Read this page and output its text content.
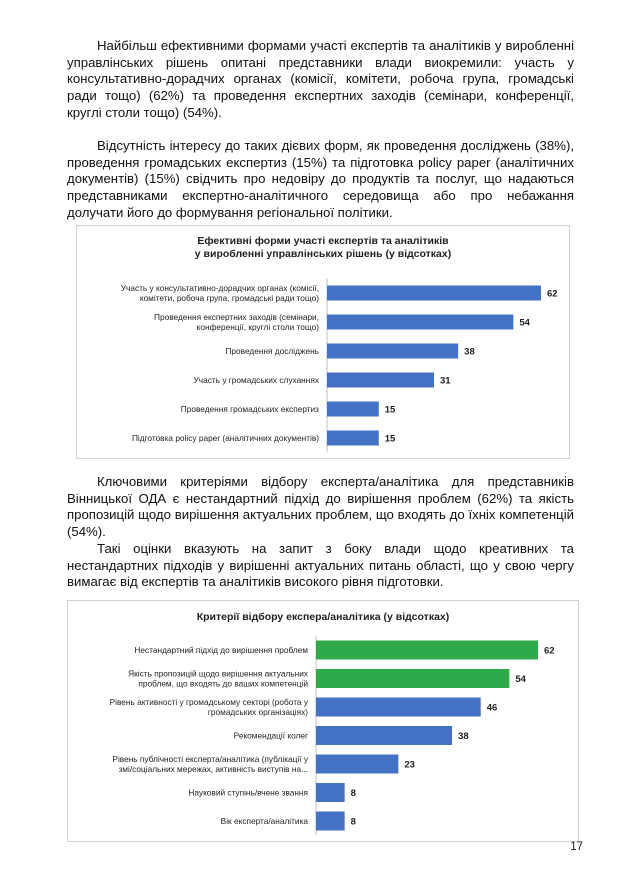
Найбільш ефективними формами участі експертів та аналітиків у виробленні управлінських рішень опитані представники влади виокремили: участь у консультативно-дорадчих органах (комісії, комітети, робоча група, громадські ради тощо) (62%) та проведення експертних заходів (семінари, конференції, круглі столи тощо) (54%).

Відсутність інтересу до таких дієвих форм, як проведення досліджень (38%), проведення громадських експертиз (15%) та підготовка policy paper (аналітичних документів) (15%) свідчить про недовіру до продуктів та послуг, що надаються представниками експертно-аналітичного середовища або про небажання долучати його до формування регіональної політики.

Ефективні форми участі експертів та аналітиків
у виробленні управлінських рішень (у відсотках)
62
Участь у консультативно-дорадчих органах (комісії,
комітети, робоча група, громадські ради тощо)
54
Проведення експертних заходів (семінари,
конференції, круглі столи тощо)
38
Проведення досліджень
31
Участь у громадських слуханнях
15
Проведення громадських експертиз
15
Підготовка policy paper (аналітичних документів)

Ключовими критеріями відбору експерта/аналітика для представників Вінницької ОДА є нестандартний підхід до вирішення проблем (62%) та якість пропозицій щодо вирішення актуальних проблем, що входять до їхніх компетенцій (54%).

Такі оцінки вказують на запит з боку влади щодо креативних та нестандартних підходів у вирішенні актуальних питань області, що у свою чергу вимагає від експертів та аналітиків високого рівня підготовки.

Критерії відбору експера/аналітика (у відсотках)
62
Нестандартний підхід до вирішення проблем
54
Якість пропозицій щодо вирішення актуальних
проблем, що входять до ваших компетенцій
46
Рівень активності у громадському секторі (робота у
громадських організаціях)
38
Рекомендації колег
23
Рівень публічності експерта/аналітика (публікації у
змі/соціальних мережах, активність виступів на...
8
Науковий ступінь/вчене звання
8
Вік експерта/аналітика
17
